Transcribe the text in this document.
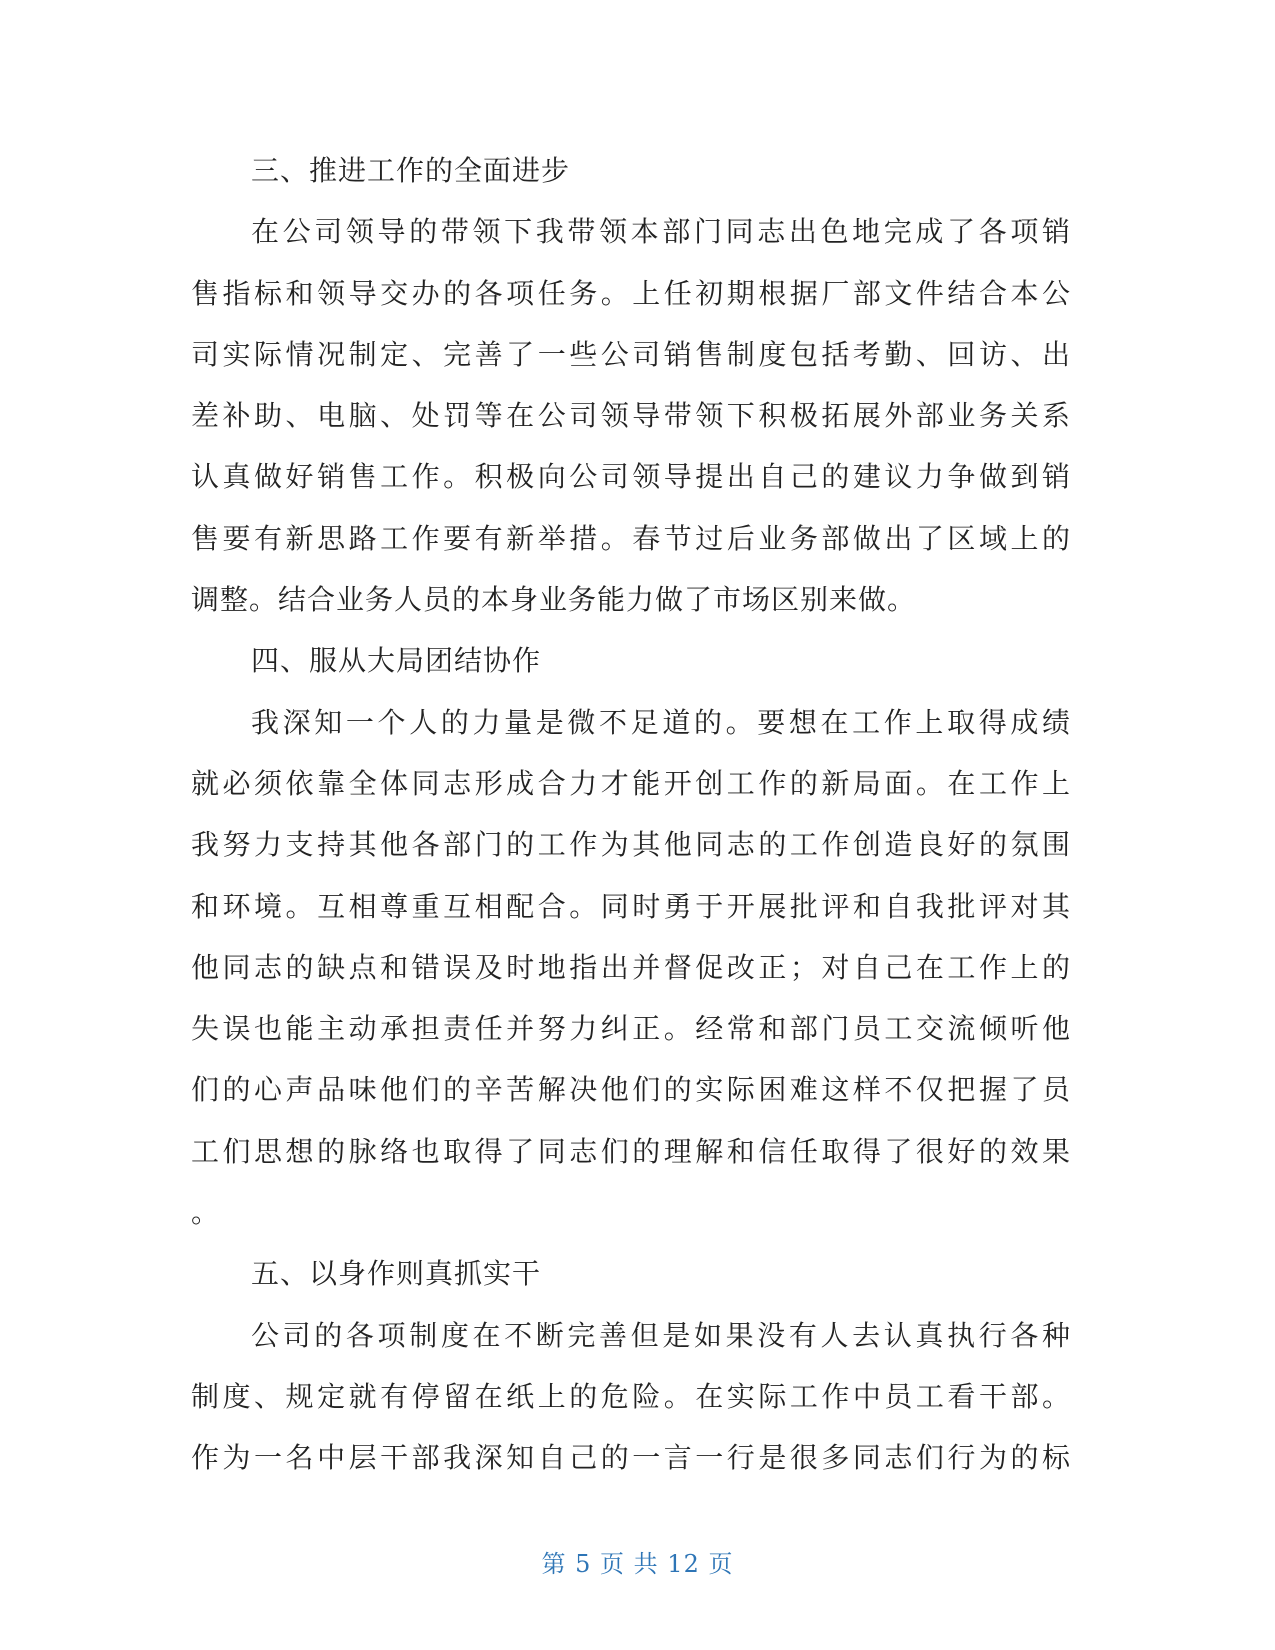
三、推进工作的全面进步
在公司领导的带领下我带领本部门同志出色地完成了各项销
售指标和领导交办的各项任务。上任初期根据厂部文件结合本公
司实际情况制定、完善了一些公司销售制度包括考勤、回访、出
差补助、电脑、处罚等在公司领导带领下积极拓展外部业务关系
认真做好销售工作。积极向公司领导提出自己的建议力争做到销
售要有新思路工作要有新举措。春节过后业务部做出了区域上的
调整。结合业务人员的本身业务能力做了市场区别来做。
四、服从大局团结协作
我深知一个人的力量是微不足道的。要想在工作上取得成绩
就必须依靠全体同志形成合力才能开创工作的新局面。在工作上
我努力支持其他各部门的工作为其他同志的工作创造良好的氛围
和环境。互相尊重互相配合。同时勇于开展批评和自我批评对其
他同志的缺点和错误及时地指出并督促改正；对自己在工作上的
失误也能主动承担责任并努力纠正。经常和部门员工交流倾听他
们的心声品味他们的辛苦解决他们的实际困难这样不仅把握了员
工们思想的脉络也取得了同志们的理解和信任取得了很好的效果
。
五、以身作则真抓实干
公司的各项制度在不断完善但是如果没有人去认真执行各种
制度、规定就有停留在纸上的危险。在实际工作中员工看干部。
作为一名中层干部我深知自己的一言一行是很多同志们行为的标
第 5 页 共 12 页
